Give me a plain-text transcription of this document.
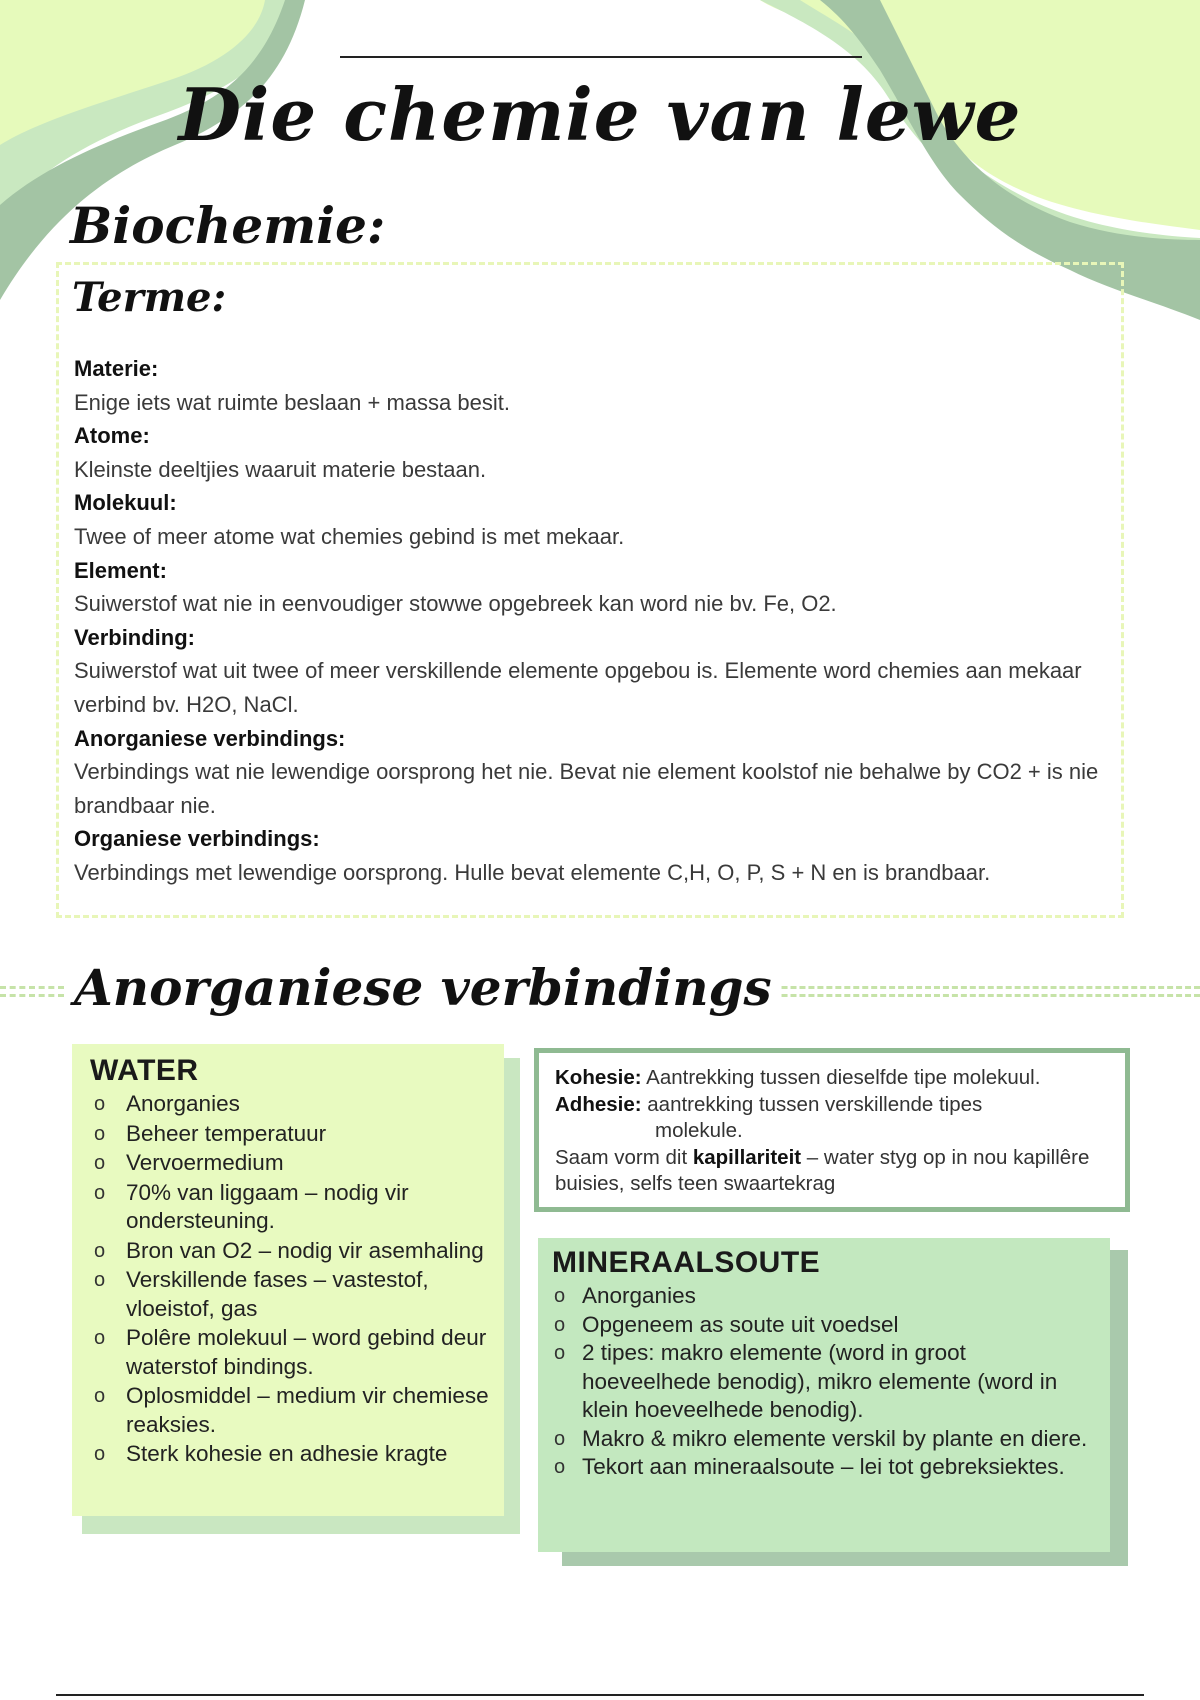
Die chemie van lewe
Biochemie:
Terme:
Materie:
Enige iets wat ruimte beslaan + massa besit.
Atome:
Kleinste deeltjies waaruit materie bestaan.
Molekuul:
Twee of meer atome wat chemies gebind is met mekaar.
Element:
Suiwerstof wat nie in eenvoudiger stowwe opgebreek kan word nie bv. Fe, O2.
Verbinding:
Suiwerstof wat uit twee of meer verskillende elemente opgebou is. Elemente word chemies aan mekaar verbind bv. H2O, NaCl.
Anorganiese verbindings:
Verbindings wat nie lewendige oorsprong het nie. Bevat nie element koolstof nie behalwe by CO2 + is nie brandbaar nie.
Organiese verbindings:
Verbindings met lewendige oorsprong. Hulle bevat elemente C,H, O, P, S + N en is brandbaar.
Anorganiese verbindings
WATER
o Anorganies
o Beheer temperatuur
o Vervoermedium
o 70% van liggaam – nodig vir ondersteuning.
o Bron van O2 – nodig vir asemhaling
o Verskillende fases – vastestof, vloeistof, gas
o Polêre molekuul – word gebind deur waterstof bindings.
o Oplosmiddel – medium vir chemiese reaksies.
o Sterk kohesie en adhesie kragte
Kohesie: Aantrekking tussen dieselfde tipe molekuul.
Adhesie: aantrekking tussen verskillende tipes
molekule.
Saam vorm dit kapillariteit – water styg op in nou kapillêre buisies, selfs teen swaartekrag
MINERAALSOUTE
o Anorganies
o Opgeneem as soute uit voedsel
o 2 tipes: makro elemente (word in groot hoeveelhede benodig), mikro elemente (word in klein hoeveelhede benodig).
o Makro & mikro elemente verskil by plante en diere.
o Tekort aan mineraalsoute – lei tot gebreksiektes.
